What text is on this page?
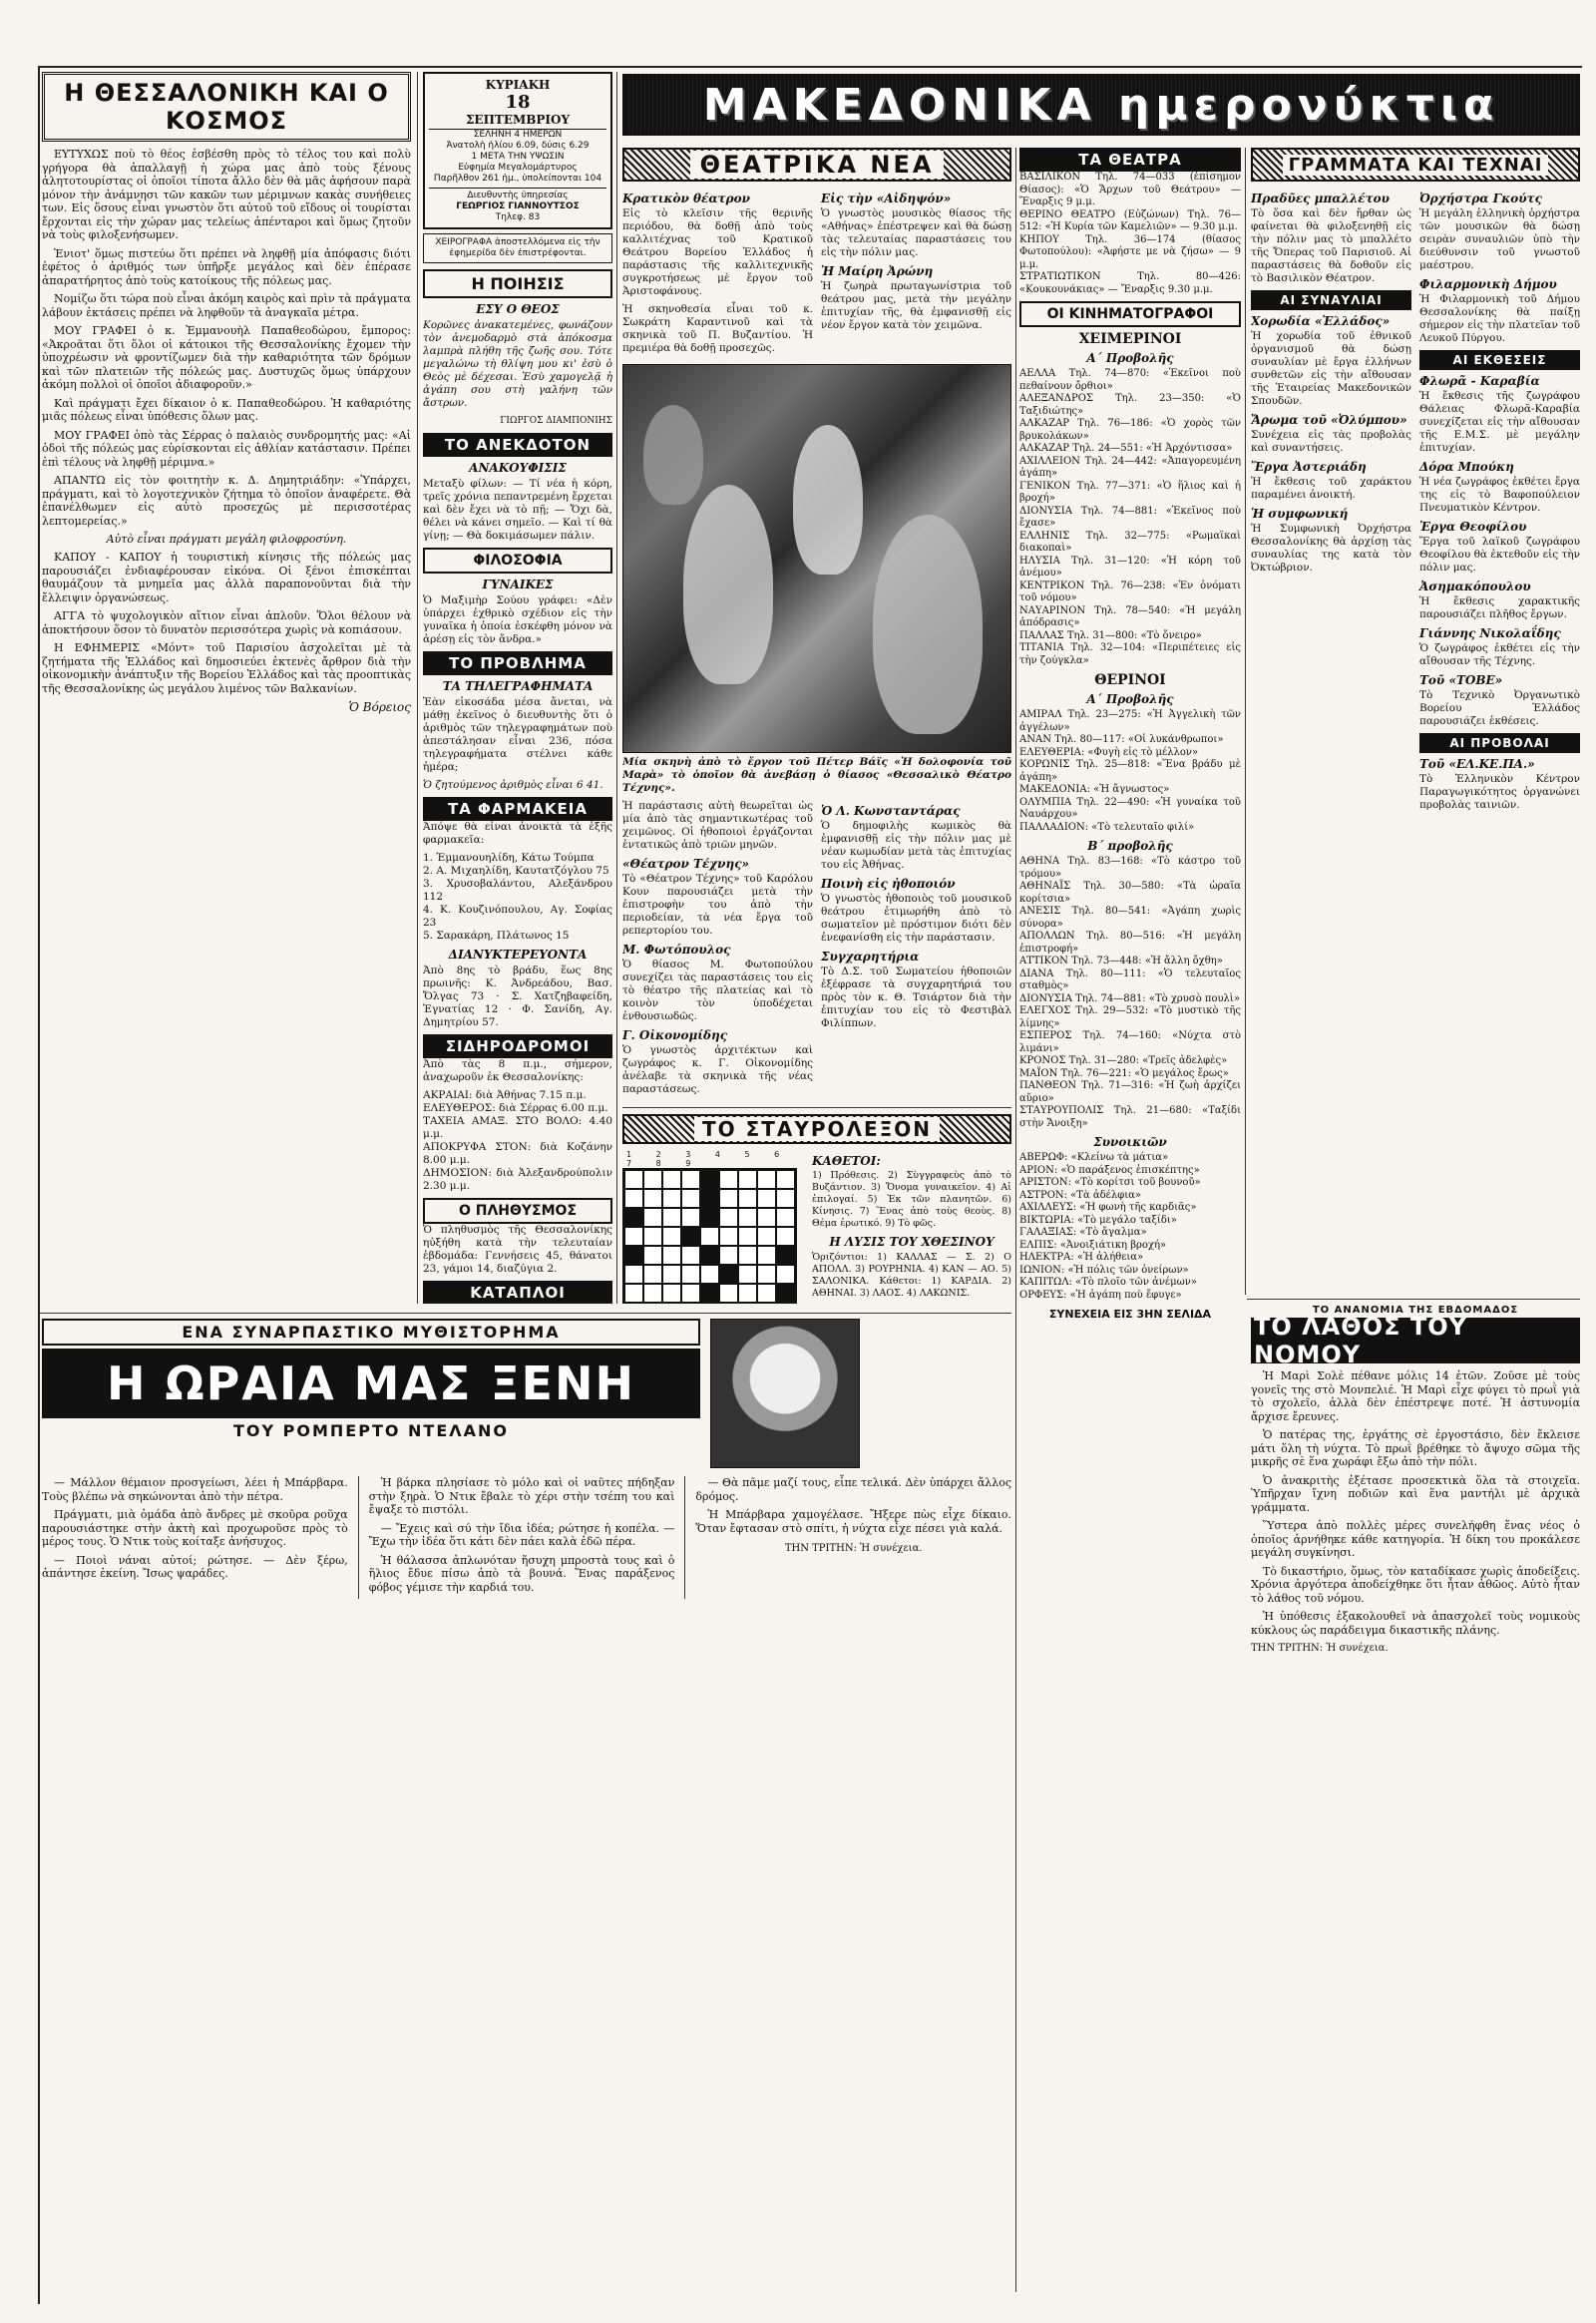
Η ΘΕΣΣΑΛΟΝΙΚΗ ΚΑΙ Ο ΚΟΣΜΟΣ

ΕΥΤΥΧΩΣ ποὺ τὸ θέος ἐσβέσθη πρὸς τὸ τέλος του καὶ πολὺ γρήγορα θὰ ἀπαλλαγῇ ἡ χώρα μας ἀπὸ τοὺς ξένους ἀλητοτουρίστας οἱ ὁποῖοι τίποτα ἄλλο δὲν θὰ μᾶς ἀφήσουν παρὰ μόνον τὴν ἀνάμνησι τῶν κακῶν των μέριμνων κακὰς συνήθειες των. Εἰς ὅσους εἶναι γνωστὸν ὅτι αὐτοῦ τοῦ εἴδους οἱ τουρίσται ἔρχονται εἰς τὴν χώραν μας τελείως ἀπένταροι καὶ ὅμως ζητοῦν νὰ τοὺς φιλοξενήσωμεν.

Ἐνιοτ' ὅμως πιστεύω ὅτι πρέπει νὰ ληφθῇ μία ἀπόφασις διότι ἐφέτος ὁ ἀριθμός των ὑπῆρξε μεγάλος καὶ δὲν ἐπέρασε ἀπαρατήρητος ἀπὸ τοὺς κατοίκους τῆς πόλεως μας.

Νομίζω ὅτι τώρα ποὺ εἶναι ἀκόμη καιρὸς καὶ πρὶν τὰ πράγματα λάβουν ἐκτάσεις πρέπει νὰ ληφθοῦν τὰ ἀναγκαῖα μέτρα.

ΜΟΥ ΓΡΑΦΕΙ ὁ κ. Ἐμμανουὴλ Παπαθεοδώρου, ἔμπορος: «Ἀκροᾶται ὅτι ὅλοι οἱ κάτοικοι τῆς Θεσσαλονίκης ἔχομεν τὴν ὑποχρέωσιν νὰ φροντίζωμεν διὰ τὴν καθαριότητα τῶν δρόμων καὶ τῶν πλατειῶν τῆς πόλεώς μας. Δυστυχῶς ὅμως ὑπάρχουν ἀκόμη πολλοὶ οἱ ὁποῖοι ἀδιαφοροῦν.»

Καὶ πράγματι ἔχει δίκαιον ὁ κ. Παπαθεοδώρου. Ἡ καθαριότης μιᾶς πόλεως εἶναι ὑπόθεσις ὅλων μας.

ΜΟΥ ΓΡΑΦΕΙ ὁπὸ τὰς Σέρρας ὁ παλαιὸς συνδρομητής μας: «Αἱ ὁδοὶ τῆς πόλεώς μας εὑρίσκονται εἰς ἀθλίαν κατάστασιν. Πρέπει ἐπὶ τέλους νὰ ληφθῇ μέριμνα.»

ΑΠΑΝΤΩ εἰς τὸν φοιτητὴν κ. Δ. Δημητριάδην: «Ὑπάρχει, πράγματι, καὶ τὸ λογοτεχνικὸν ζήτημα τὸ ὁποῖον ἀναφέρετε. Θὰ ἐπανέλθωμεν εἰς αὐτὸ προσεχῶς μὲ περισσοτέρας λεπτομερείας.»

Αὐτὸ εἶναι πράγματι μεγάλη φιλοφροσύνη.

ΚΑΠΟΥ - ΚΑΠΟΥ ἡ τουριστικὴ κίνησις τῆς πόλεώς μας παρουσιάζει ἐνδιαφέρουσαν εἰκόνα. Οἱ ξένοι ἐπισκέπται θαυμάζουν τὰ μνημεῖα μας ἀλλὰ παραπονοῦνται διὰ τὴν ἔλλειψιν ὀργανώσεως.

ΑΓΓΑ τὸ ψυχολογικὸν αἴτιον εἶναι ἁπλοῦν. Ὅλοι θέλουν νὰ ἀποκτήσουν ὅσον τὸ δυνατὸν περισσότερα χωρὶς νὰ κοπιάσουν.

Η ΕΦΗΜΕΡΙΣ «Μόντ» τοῦ Παρισίου ἀσχολεῖται μὲ τὰ ζητήματα τῆς Ἑλλάδος καὶ δημοσιεύει ἐκτενὲς ἄρθρον διὰ τὴν οἰκονομικὴν ἀνάπτυξιν τῆς Βορείου Ἑλλάδος καὶ τὰς προοπτικὰς τῆς Θεσσαλονίκης ὡς μεγάλου λιμένος τῶν Βαλκανίων.

Ὁ Βόρειος
ΚΥΡΙΑΚΗ
18
ΣΕΠΤΕΜΒΡΙΟΥ
ΣΕΛΗΝΗ 4 ΗΜΕΡΩΝ
Ἀνατολὴ ἡλίου 6.09, δύσις 6.29
1 ΜΕΤΑ ΤΗΝ ΥΨΩΣΙΝ
Εὐφημία Μεγαλομάρτυρος
Παρῆλθον 261 ἡμ., ὑπολείπονται 104
Διευθυντὴς ὑπηρεσίας
ΓΕΩΡΓΙΟΣ ΓΙΑΝΝΟΥΤΣΟΣ
Τηλεφ. 83
ΧΕΙΡΟΓΡΑΦΑ ἀποστελλόμενα εἰς τὴν ἐφημερίδα δὲν ἐπιστρέφονται.
Η ΠΟΙΗΣΙΣ
ΕΣΥ Ο ΘΕΟΣ

Κορῶνες ἀνακατεμένες, φωνάζουν τὸν ἀνεμοδαρμὸ στὰ ἀπόκοσμα λαμπρὰ πλήθη τῆς ζωῆς σου. Τότε μεγαλώνω τὴ θλίψη μου κι' ἐσὺ ὁ Θεὸς μὲ δέχεσαι. Ἐσὺ χαμογελᾷ ἡ ἀγάπη σου στὴ γαλήνη τῶν ἄστρων.

ΓΙΩΡΓΟΣ ΔΙΑΜΠΟΝΙΗΣ

ΤΟ ΑΝΕΚΔΟΤΟΝ
ΑΝΑΚΟΥΦΙΣΙΣ

Μεταξὺ φίλων: — Τί νέα ἡ κόρη, τρεῖς χρόνια πεπαντρεμένη ἔρχεται καὶ δὲν ἔχει νὰ τὸ πῇ; — Ὄχι δὰ, θέλει νὰ κάνει σημεῖο. — Καὶ τί θὰ γίνῃ; — Θὰ δοκιμάσωμεν πάλιν.

ΦΙΛΟΣΟΦΙΑ
ΓΥΝΑΙΚΕΣ

Ὁ Μαξιμὴρ Σούου γράφει: «Δὲν ὑπάρχει ἐχθρικὸ σχέδιον εἰς τὴν γυναῖκα ἡ ὁποία ἐσκέφθη μόνον νὰ ἀρέσῃ εἰς τὸν ἄνδρα.»

ΤΟ ΠΡΟΒΛΗΜΑ
ΤΑ ΤΗΛΕΓΡΑΦΗΜΑΤΑ

Ἐὰν εἰκοσάδα μέσα ἄνεται, νὰ μάθῃ ἐκεῖνος ὁ διευθυντὴς ὅτι ὁ ἀριθμὸς τῶν τηλεγραφημάτων ποὺ ἀπεστάλησαν εἶναι 236, πόσα τηλεγραφήματα στέλνει κάθε ἡμέρα;

Ὁ ζητούμενος ἀριθμὸς εἶναι 6 41.

ΤΑ ΦΑΡΜΑΚΕΙΑ

Ἀπόψε θὰ εἶναι ἀνοικτὰ τὰ ἑξῆς φαρμακεῖα:

1. Ἐμμανουηλίδη, Κάτω Τούμπα
2. Α. Μιχαηλίδη, Καυτατζόγλου 75
3. Χρυσοβαλάντου, Αλεξάνδρου 112
4. Κ. Κουζινόπουλου, Αγ. Σοφίας 23
5. Σαρακάρη, Πλάτωνος 15

ΔΙΑΝΥΚΤΕΡΕΥΟΝΤΑ

Ἀπὸ 8ης τὸ βράδυ, ἕως 8ης πρωινῆς: Κ. Ἀνδρεάδου, Βασ. Ὄλγας 73 · Σ. Χατζηβαφείδη, Ἐγνατίας 12 · Φ. Σανίδη, Αγ. Δημητρίου 57.

ΣΙΔΗΡΟΔΡΟΜΟΙ

Ἀπὸ τὰς 8 π.μ., σήμερον, ἀναχωροῦν ἐκ Θεσσαλονίκης:

ΑΚΡΑΙΑΙ: διὰ Ἀθήνας 7.15 π.μ.
ΕΛΕΥΘΕΡΟΣ: διὰ Σέρρας 6.00 π.μ.
ΤΑΧΕΙΑ ΑΜΑΞ. ΣΤΟ ΒΟΛΟ: 4.40 μ.μ.
ΑΠΟΚΡΥΦΑ ΣΤΟΝ: διὰ Κοζάνην 8.00 μ.μ.
ΔΗΜΟΣΙΟΝ: διὰ Ἀλεξανδρούπολιν 2.30 μ.μ.

Ο ΠΛΗΘΥΣΜΟΣ

Ὁ πληθυσμὸς τῆς Θεσσαλονίκης ηὐξήθη κατὰ τὴν τελευταίαν ἑβδομάδα: Γεννήσεις 45, θάνατοι 23, γάμοι 14, διαζύγια 2.

ΚΑΤΑΠΛΟΙ

ΜΑΚΕΔΟΝΙΚΑ ημερονύκτια
ΘΕΑΤΡΙΚΑ ΝΕΑ
Κρατικὸν θέατρον

Εἰς τὸ κλεῖσιν τῆς θερινῆς περιόδου, θὰ δοθῇ ἀπὸ τοὺς καλλιτέχνας τοῦ Κρατικοῦ Θεάτρου Βορείου Ἑλλάδος ἡ παράστασις τῆς καλλιτεχνικῆς συγκροτήσεως μὲ ἔργον τοῦ Ἀριστοφάνους.

Ἡ σκηνοθεσία εἶναι τοῦ κ. Σωκράτη Καραντινοῦ καὶ τὰ σκηνικὰ τοῦ Π. Βυζαντίου. Ἡ πρεμιέρα θὰ δοθῇ προσεχῶς.

Εἰς τὴν «Αἰδηψόν»

Ὁ γνωστὸς μουσικὸς θίασος τῆς «Αθήνας» ἐπέστρεψεν καὶ θὰ δώσῃ τὰς τελευταίας παραστάσεις του εἰς τὴν πόλιν μας.

Ἡ Μαίρη Ἀρώνη

Ἡ ζωηρὰ πρωταγωνίστρια τοῦ θεάτρου μας, μετὰ τὴν μεγάλην ἐπιτυχίαν τῆς, θὰ ἐμφανισθῇ εἰς νέον ἔργον κατὰ τὸν χειμῶνα.

Μία σκηνὴ ἀπὸ τὸ ἔργον τοῦ Πέτερ Βάϊς «Ἡ δολοφονία τοῦ Μαρὰ» τὸ ὁποῖον θὰ ἀνεβάσῃ ὁ θίασος «Θεσσαλικὸ Θέατρο Τέχνης».

Ἡ παράστασις αὐτὴ θεωρεῖται ὡς μία ἀπὸ τὰς σημαντικωτέρας τοῦ χειμῶνος. Οἱ ἠθοποιοὶ ἐργάζονται ἐντατικῶς ἀπὸ τριῶν μηνῶν.

«Θέατρον Τέχνης»

Τὸ «Θέατρον Τέχνης» τοῦ Καρόλου Κουν παρουσιάζει μετὰ τὴν ἐπιστροφὴν του ἀπὸ τὴν περιοδείαν, τὰ νέα ἔργα τοῦ ρεπερτορίου του.

Μ. Φωτόπουλος

Ὁ θίασος Μ. Φωτοπούλου συνεχίζει τὰς παραστάσεις του εἰς τὸ θέατρο τῆς πλατείας καὶ τὸ κοινὸν τὸν ὑποδέχεται ἐνθουσιωδῶς.

Γ. Οἰκονομίδης

Ὁ γνωστὸς ἀρχιτέκτων καὶ ζωγράφος κ. Γ. Οἰκονομίδης ἀνέλαβε τὰ σκηνικὰ τῆς νέας παραστάσεως.

Ὁ Λ. Κωνσταντάρας

Ὁ δημοφιλὴς κωμικὸς θὰ ἐμφανισθῇ εἰς τὴν πόλιν μας μὲ νέαν κωμωδίαν μετὰ τὰς ἐπιτυχίας του εἰς Ἀθήνας.

Ποινὴ εἰς ἠθοποιόν

Ὁ γνωστὸς ἠθοποιὸς τοῦ μουσικοῦ θεάτρου ἐτιμωρήθη ἀπὸ τὸ σωματεῖον μὲ πρόστιμον διότι δὲν ἐνεφανίσθη εἰς τὴν παράστασιν.

Συγχαρητήρια

Τὸ Δ.Σ. τοῦ Σωματείου ἠθοποιῶν ἐξέφρασε τὰ συγχαρητήριά του πρὸς τὸν κ. Θ. Τσιάρτον διὰ τὴν ἐπιτυχίαν του εἰς τὸ Φεστιβὰλ Φιλίππων.

ΤΟ ΣΤΑΥΡΟΛΕΞΟΝ
1 2 3 4 5 6 7 8 9	ΚΑΘΕΤΟΙ:

1) Πρόθεσις. 2) Σὺγγραφεὺς ἀπὸ τὸ Βυζάντιον. 3) Ὄνομα γυναικεῖον. 4) Αἱ ἐπιλογαί. 5) Ἐκ τῶν πλανητῶν. 6) Κίνησις. 7) Ἕνας ἀπὸ τοὺς θεοὺς. 8) Θέμα ἐρωτικό. 9) Τὸ φῶς.

Η ΛΥΣΙΣ ΤΟΥ ΧΘΕΣΙΝΟΥ

Ὁριζόντιοι: 1) ΚΑΛΛΑΣ — Σ. 2) Ο ΑΠΟΛΛ. 3) ΡΟΥΡΗΝΙΑ. 4) ΚΑΝ — ΑΟ. 5) ΣΑΛΟΝΙΚΑ. Κάθετοι: 1) ΚΑΡΔΙΑ. 2) ΑΘΗΝΑΙ. 3) ΛΑΟΣ. 4) ΛΑΚΩΝΙΣ.

ΤΑ ΘΕΑΤΡΑ

ΒΑΣΙΛΙΚΟΝ Τηλ. 74—033 (ἐπίσημον Θίασος): «Ὁ Ἄρχων τοῦ Θεάτρου» — Ἔναρξις 9 μ.μ.
ΘΕΡΙΝΟ ΘΕΑΤΡΟ (Εὐζώνων) Τηλ. 76—512: «Ἡ Κυρία τῶν Καμελιῶν» — 9.30 μ.μ.
ΚΗΠΟΥ Τηλ. 36—174 (θίασος Φωτοπούλου): «Ἀφήστε με νὰ ζήσω» — 9 μ.μ.
ΣΤΡΑΤΙΩΤΙΚΟΝ Τηλ. 80—426: «Κουκουνάκιας» — Ἔναρξις 9.30 μ.μ.

ΟΙ ΚΙΝΗΜΑΤΟΓΡΑΦΟΙ
ΧΕΙΜΕΡΙΝΟΙ
Α΄ Προβολῆς

ΑΕΛΛΑ Τηλ. 74—870: «Ἐκεῖνοι ποὺ πεθαίνουν ὄρθιοι»
ΑΛΕΞΑΝΔΡΟΣ Τηλ. 23—350: «Ὁ Ταξιδιώτης»
ΑΛΚΑΖΑΡ Τηλ. 76—186: «Ὁ χορὸς τῶν βρυκολάκων»
ΑΛΚΑΖΑΡ Τηλ. 24—551: «Ἡ Ἀρχόντισσα»
ΑΧΙΛΛΕΙΟΝ Τηλ. 24—442: «Ἀπαγορευμένη ἀγάπη»
ΓΕΝΙΚΟΝ Τηλ. 77—371: «Ὁ ἥλιος καὶ ἡ βροχή»
ΔΙΟΝΥΣΙΑ Τηλ. 74—881: «Ἐκεῖνος ποὺ ἔχασε»
ΕΛΛΗΝΙΣ Τηλ. 32—775: «Ρωμαϊκαὶ διακοπαὶ»
ΗΛΥΣΙΑ Τηλ. 31—120: «Ἡ κόρη τοῦ ἀνέμου»
ΚΕΝΤΡΙΚΟΝ Τηλ. 76—238: «Ἐν ὀνόματι τοῦ νόμου»
ΝΑΥΑΡΙΝΟΝ Τηλ. 78—540: «Ἡ μεγάλη ἀπόδρασις»
ΠΑΛΛΑΣ Τηλ. 31—800: «Τὸ ὄνειρο»
ΤΙΤΑΝΙΑ Τηλ. 32—104: «Περιπέτειες εἰς τὴν ζούγκλα»

ΘΕΡΙΝΟΙ
Α΄ Προβολῆς

ΑΜΙΡΑΛ Τηλ. 23—275: «Ἡ Ἀγγελικὴ τῶν ἀγγέλων»
ΑΝΑΝ Τηλ. 80—117: «Οἱ λυκάνθρωποι»
ΕΛΕΥΘΕΡΙΑ: «Φυγὴ εἰς τὸ μέλλον»
ΚΟΡΩΝΙΣ Τηλ. 25—818: «Ἕνα βράδυ μὲ ἀγάπη»
ΜΑΚΕΔΟΝΙΑ: «Ἡ ἄγνωστος»
ΟΛΥΜΠΙΑ Τηλ. 22—490: «Ἡ γυναίκα τοῦ Ναυάρχου»
ΠΑΛΛΑΔΙΟΝ: «Τὸ τελευταῖο φιλί»

Β΄ προβολῆς

ΑΘΗΝΑ Τηλ. 83—168: «Τὸ κάστρο τοῦ τρόμου»
ΑΘΗΝΑΪΣ Τηλ. 30—580: «Τὰ ὡραῖα κορίτσια»
ΑΝΕΣΙΣ Τηλ. 80—541: «Ἀγάπη χωρὶς σύνορα»
ΑΠΟΛΛΩΝ Τηλ. 80—516: «Ἡ μεγάλη ἐπιστροφή»
ΑΤΤΙΚΟΝ Τηλ. 73—448: «Ἡ ἄλλη ὄχθη»
ΔΙΑΝΑ Τηλ. 80—111: «Ὁ τελευταῖος σταθμὸς»
ΔΙΟΝΥΣΙΑ Τηλ. 74—881: «Τὸ χρυσὸ πουλὶ»
ΕΛΕΓΧΟΣ Τηλ. 29—532: «Τὸ μυστικὸ τῆς λίμνης»
ΕΣΠΕΡΟΣ Τηλ. 74—160: «Νύχτα στὸ λιμάνι»
ΚΡΟΝΟΣ Τηλ. 31—280: «Τρεῖς ἀδελφὲς»
ΜΑΪΟΝ Τηλ. 76—221: «Ὁ μεγάλος ἔρως»
ΠΑΝΘΕΟΝ Τηλ. 71—316: «Ἡ ζωὴ ἀρχίζει αὔριο»
ΣΤΑΥΡΟΥΠΟΛΙΣ Τηλ. 21—680: «Ταξίδι στὴν Ἄνοιξη»

Συνοικιῶν

ΑΒΕΡΩΦ: «Κλείνω τὰ μάτια»
ΑΡΙΟΝ: «Ὁ παράξενος ἐπισκέπτης»
ΑΡΙΣΤΟΝ: «Τὸ κορίτσι τοῦ βουνοῦ»
ΑΣΤΡΟΝ: «Τὰ ἀδέλφια»
ΑΧΙΛΛΕΥΣ: «Ἡ φωνὴ τῆς καρδιᾶς»
ΒΙΚΤΩΡΙΑ: «Τὸ μεγάλο ταξίδι»
ΓΑΛΑΞΙΑΣ: «Τὸ ἄγαλμα»
ΕΛΠΙΣ: «Ἀνοιξιάτικη βροχή»
ΗΛΕΚΤΡΑ: «Ἡ ἀλήθεια»
ΙΩΝΙΟΝ: «Ἡ πόλις τῶν ὀνείρων»
ΚΑΠΙΤΩΛ: «Τὸ πλοῖο τῶν ἀνέμων»
ΟΡΦΕΥΣ: «Ἡ ἀγάπη ποὺ ἔφυγε»

ΣΥΝΕΧΕΙΑ ΕΙΣ 3ΗΝ ΣΕΛΙΔΑ
ΓΡΑΜΜΑΤΑ ΚΑΙ ΤΕΧΝΑΙ
Πραδῦες μπαλλέτου

Τὸ ὅσα καὶ δὲν ἤρθαν ὡς φαίνεται θὰ φιλοξενηθῇ εἰς τὴν πόλιν μας τὸ μπαλλέτο τῆς Ὄπερας τοῦ Παρισιοῦ. Αἱ παραστάσεις θὰ δοθοῦν εἰς τὸ Βασιλικὸν Θέατρον.

ΑΙ ΣΥΝΑΥΛΙΑΙ
Χορωδία «Ἑλλάδος»

Ἡ χορωδία τοῦ ἐθνικοῦ ὀργανισμοῦ θὰ δώσῃ συναυλίαν μὲ ἔργα ἑλλήνων συνθετῶν εἰς τὴν αἴθουσαν τῆς Ἑταιρείας Μακεδονικῶν Σπουδῶν.

Ἄρωμα τοῦ «Ὀλύμπου»

Συνέχεια εἰς τὰς προβολὰς καὶ συναντήσεις.

Ἔργα Ἀστεριάδη

Ἡ ἔκθεσις τοῦ χαράκτου παραμένει ἀνοικτή.

Ἡ συμφωνική

Ἡ Συμφωνικὴ Ὀρχήστρα Θεσσαλονίκης θὰ ἀρχίσῃ τὰς συναυλίας της κατὰ τὸν Ὀκτώβριον.

Ὀρχήστρα Γκούτς

Ἡ μεγάλη ἑλληνικὴ ὀρχήστρα τῶν μουσικῶν θὰ δώσῃ σειρὰν συναυλιῶν ὑπὸ τὴν διεύθυνσιν τοῦ γνωστοῦ μαέστρου.

Φιλαρμονικὴ Δήμου

Ἡ Φιλαρμονικὴ τοῦ Δήμου Θεσσαλονίκης θὰ παίξῃ σήμερον εἰς τὴν πλατεῖαν τοῦ Λευκοῦ Πύργου.

ΑΙ ΕΚΘΕΣΕΙΣ
Φλωρᾶ - Καραβία

Ἡ ἔκθεσις τῆς ζωγράφου Θάλειας Φλωρᾶ-Καραβία συνεχίζεται εἰς τὴν αἴθουσαν τῆς Ε.Μ.Σ. μὲ μεγάλην ἐπιτυχίαν.

Δόρα Μπούκη

Ἡ νέα ζωγράφος ἐκθέτει ἔργα της εἰς τὸ Βαφοπούλειον Πνευματικὸν Κέντρον.

Ἐργα Θεοφίλου

Ἔργα τοῦ λαϊκοῦ ζωγράφου Θεοφίλου θὰ ἐκτεθοῦν εἰς τὴν πόλιν μας.

Ἀσημακόπουλου

Ἡ ἔκθεσις χαρακτικῆς παρουσιάζει πλῆθος ἔργων.

Γιάννης Νικολαΐδης

Ὁ ζωγράφος ἐκθέτει εἰς τὴν αἴθουσαν τῆς Τέχνης.

Τοῦ «ΤΟΒΕ»

Τὸ Τεχνικὸ Ὀργανωτικὸ Βορείου Ἑλλάδος παρουσιάζει ἐκθέσεις.

ΑΙ ΠΡΟΒΟΛΑΙ
Τοῦ «ΕΛ.ΚΕ.ΠΑ.»

Τὸ Ἑλληνικὸν Κέντρον Παραγωγικότητος ὀργανώνει προβολὰς ταινιῶν.

ΤΟ ΑΝΑΝΟΜΙΑ ΤΗΣ ΕΒΔΟΜΑΔΟΣ
ΤΟ ΛΑΘΟΣ ΤΟΥ ΝΟΜΟΥ

Ἡ Μαρὶ Σολὲ πέθανε μόλις 14 ἐτῶν. Ζοῦσε μὲ τοὺς γονεῖς της στὸ Μονπελιέ. Ἡ Μαρὶ εἶχε φύγει τὸ πρωῒ γιὰ τὸ σχολεῖο, ἀλλὰ δὲν ἐπέστρεψε ποτέ. Ἡ ἀστυνομία ἄρχισε ἔρευνες.

Ὁ πατέρας της, ἐργάτης σὲ ἐργοστάσιο, δὲν ἔκλεισε μάτι ὅλη τὴ νύχτα. Τὸ πρωῒ βρέθηκε τὸ ἄψυχο σῶμα τῆς μικρῆς σὲ ἕνα χωράφι ἔξω ἀπὸ τὴν πόλι.

Ὁ ἀνακριτὴς ἐξέτασε προσεκτικὰ ὅλα τὰ στοιχεῖα. Ὑπῆρχαν ἴχνη ποδιῶν καὶ ἕνα μαντήλι μὲ ἀρχικὰ γράμματα.

Ὕστερα ἀπὸ πολλὲς μέρες συνελήφθη ἕνας νέος ὁ ὁποῖος ἀρνήθηκε κάθε κατηγορία. Ἡ δίκη του προκάλεσε μεγάλη συγκίνησι.

Τὸ δικαστήριο, ὅμως, τὸν καταδίκασε χωρὶς ἀποδείξεις. Χρόνια ἀργότερα ἀποδείχθηκε ὅτι ἦταν ἀθῶος. Αὐτὸ ἦταν τὸ λάθος τοῦ νόμου.

Ἡ ὑπόθεσις ἐξακολουθεῖ νὰ ἀπασχολεῖ τοὺς νομικοὺς κύκλους ὡς παράδειγμα δικαστικῆς πλάνης.

ΤΗΝ ΤΡΙΤΗΝ: Ἡ συνέχεια.
ΕΝΑ ΣΥΝΑΡΠΑΣΤΙΚΟ ΜΥΘΙΣΤΟΡΗΜΑ
Η ΩΡΑΙΑ ΜΑΣ ΞΕΝΗ
ΤΟΥ ΡΟΜΠΕΡΤΟ ΝΤΕΛΑΝΟ

— Μάλλον θέμαιον προσγείωσι, λέει ἡ Μπάρβαρα. Τοὺς βλέπω νὰ σηκώνονται ἀπὸ τὴν πέτρα.

Πράγματι, μιὰ ὁμάδα ἀπὸ ἄνδρες μὲ σκοῦρα ροῦχα παρουσιάστηκε στὴν ἀκτὴ καὶ προχωροῦσε πρὸς τὸ μέρος τους. Ὁ Ντικ τοὺς κοίταξε ἀνήσυχος.

— Ποιοὶ νάναι αὐτοί; ρώτησε. — Δὲν ξέρω, ἀπάντησε ἐκείνη. Ἴσως ψαράδες.

Ἡ βάρκα πλησίασε τὸ μόλο καὶ οἱ ναῦτες πήδηξαν στὴν ξηρὰ. Ὁ Ντικ ἔβαλε τὸ χέρι στὴν τσέπη του καὶ ἔψαξε τὸ πιστόλι.

— Ἔχεις καὶ σύ τὴν ἴδια ἰδέα; ρώτησε ἡ κοπέλα. — Ἔχω τὴν ἰδέα ὅτι κάτι δὲν πάει καλὰ ἐδῶ πέρα.

Ἡ θάλασσα ἀπλωνόταν ἥσυχη μπροστὰ τους καὶ ὁ ἥλιος ἔδυε πίσω ἀπὸ τὰ βουνά. Ἕνας παράξενος φόβος γέμισε τὴν καρδιά του.

— Θὰ πᾶμε μαζί τους, εἶπε τελικά. Δὲν ὑπάρχει ἄλλος δρόμος.

Ἡ Μπάρβαρα χαμογέλασε. Ἤξερε πὼς εἶχε δίκαιο. Ὅταν ἔφτασαν στὸ σπίτι, ἡ νύχτα εἶχε πέσει γιὰ καλά.

ΤΗΝ ΤΡΙΤΗΝ: Ἡ συνέχεια.
